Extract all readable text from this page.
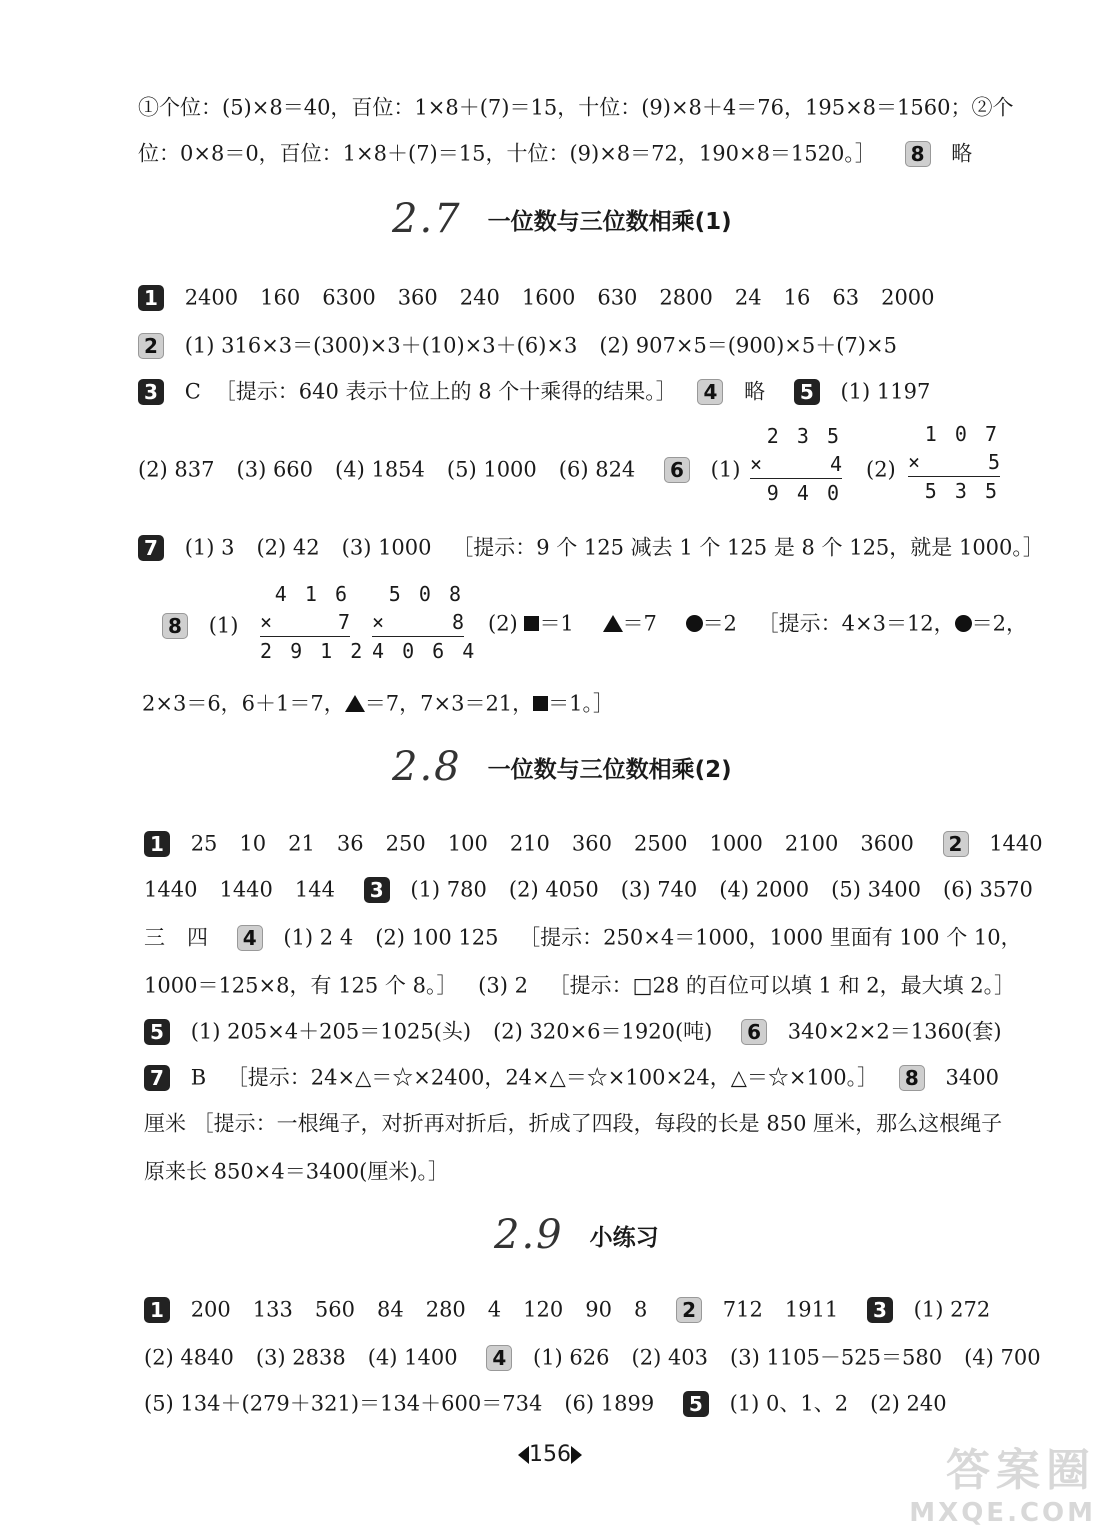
①个位：(5)×8＝40，百位：1×8＋(7)＝15，十位：(9)×8＋4＝76，195×8＝1560；②个
位：0×8＝0，百位：1×8＋(7)＝15，十位：(9)×8＝72，190×8＝1520。］ 8 略
2.7 一位数与三位数相乘(1)
1 2400 160 6300 360 240 1600 630 2800 24 16 63 2000
2 (1) 316×3＝(300)×3＋(10)×3＋(6)×3 (2) 907×5＝(900)×5＋(7)×5
3 C ［提示：640 表示十位上的 8 个十乘得的结果。］ 4 略 5 (1) 1197
(2) 837 (3) 660 (4) 1854 (5) 1000 (6) 824 6 (1)
2 3 5
×	4
9 4 0
(2)
1 0 7
×	5
5 3 5
7 (1) 3 (2) 42 (3) 1000 ［提示：9 个 125 减去 1 个 125 是 8 个 125，就是 1000。］
8 (1)
4 1 6
×	7
2 9 1 2
5 0 8
×	8
4 0 6 4
(2) ＝1 ＝7 ＝2 ［提示：4×3＝12， ＝2，
2×3＝6，6＋1＝7， ＝7，7×3＝21， ＝1。］
2.8 一位数与三位数相乘(2)
1 25 10 21 36 250 100 210 360 2500 1000 2100 3600 2 1440
1440 1440 144 3 (1) 780 (2) 4050 (3) 740 (4) 2000 (5) 3400 (6) 3570
三 四 4 (1) 2 4 (2) 100 125 ［提示：250×4＝1000，1000 里面有 100 个 10，
1000＝125×8，有 125 个 8。］ (3) 2 ［提示：□28 的百位可以填 1 和 2，最大填 2。］
5 (1) 205×4＋205＝1025(头) (2) 320×6＝1920(吨) 6 340×2×2＝1360(套)
7 B ［提示：24×△＝☆×2400，24×△＝☆×100×24，△＝☆×100。］ 8 3400
厘米 ［提示：一根绳子，对折再对折后，折成了四段，每段的长是 850 厘米，那么这根绳子
原来长 850×4＝3400(厘米)。］
2.9 小练习
1 200 133 560 84 280 4 120 90 8 2 712 1911 3 (1) 272
(2) 4840 (3) 2838 (4) 1400 4 (1) 626 (2) 403 (3) 1105－525＝580 (4) 700
(5) 134＋(279＋321)＝134＋600＝734 (6) 1899 5 (1) 0、1、2 (2) 240
156	答案圈
MXQE.COM
